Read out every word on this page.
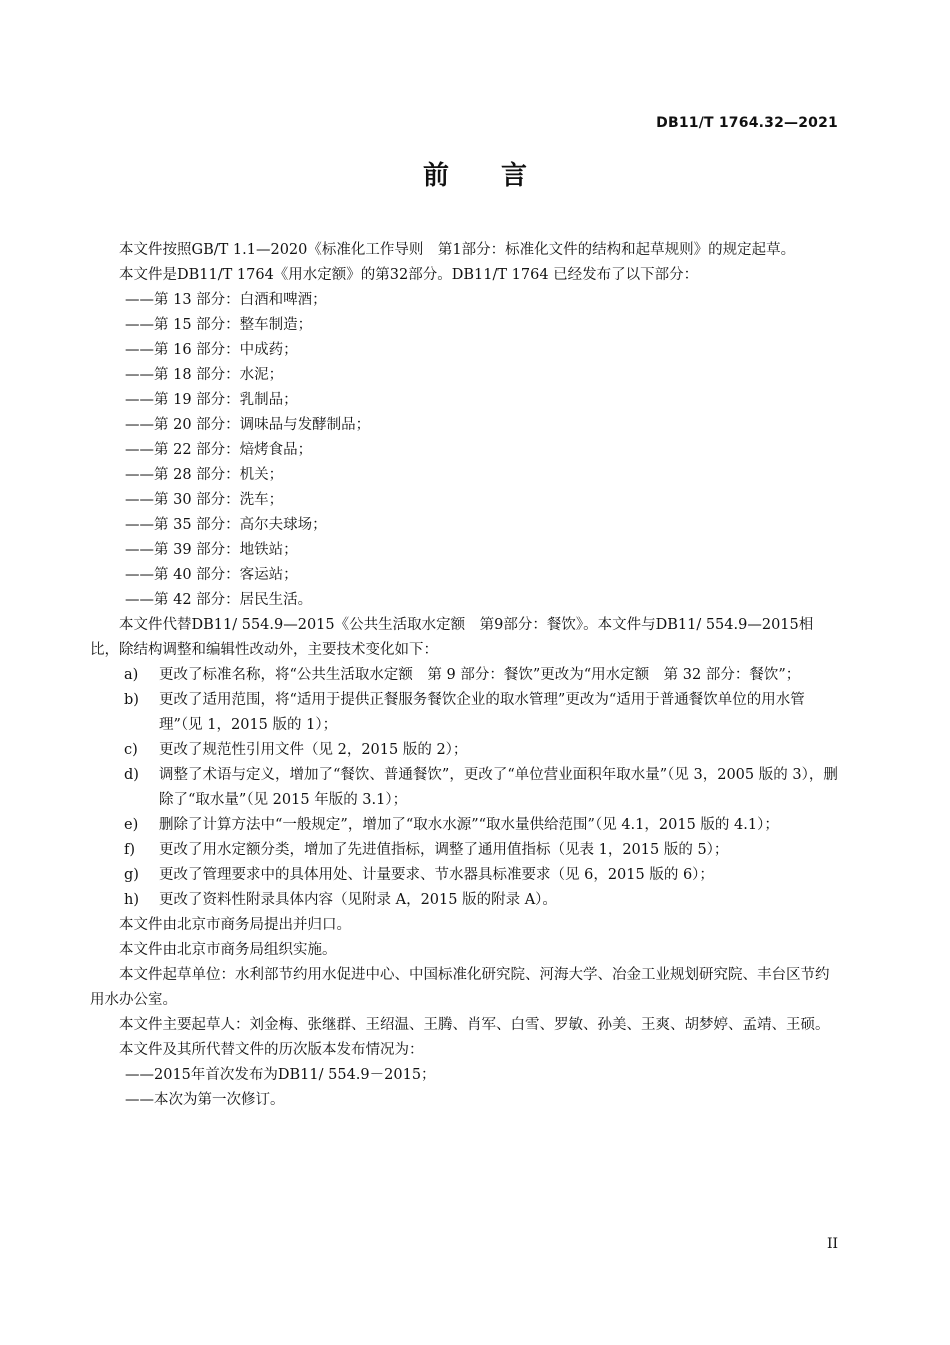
DB11/T 1764.32—2021
前 言

本文件按照GB/T 1.1—2020《标准化工作导则　第1部分：标准化文件的结构和起草规则》的规定起草。

本文件是DB11/T 1764《用水定额》的第32部分。DB11/T 1764 已经发布了以下部分：

——第 13 部分：白酒和啤酒；

——第 15 部分：整车制造；

——第 16 部分：中成药；

——第 18 部分：水泥；

——第 19 部分：乳制品；

——第 20 部分：调味品与发酵制品；

——第 22 部分：焙烤食品；

——第 28 部分：机关；

——第 30 部分：洗车；

——第 35 部分：高尔夫球场；

——第 39 部分：地铁站；

——第 40 部分：客运站；

——第 42 部分：居民生活。

本文件代替DB11/ 554.9—2015《公共生活取水定额　第9部分：餐饮》。本文件与DB11/ 554.9—2015相比，除结构调整和编辑性改动外，主要技术变化如下：

a) 更改了标准名称，将“公共生活取水定额　第 9 部分：餐饮”更改为“用水定额　第 32 部分：餐饮”；

b) 更改了适用范围，将“适用于提供正餐服务餐饮企业的取水管理”更改为“适用于普通餐饮单位的用水管理”（见 1，2015 版的 1）；

c) 更改了规范性引用文件（见 2，2015 版的 2）；

d) 调整了术语与定义，增加了“餐饮、普通餐饮”，更改了“单位营业面积年取水量”（见 3，2005 版的 3），删除了“取水量”（见 2015 年版的 3.1）；

e) 删除了计算方法中“一般规定”，增加了“取水水源”“取水量供给范围”（见 4.1，2015 版的 4.1）；

f) 更改了用水定额分类，增加了先进值指标，调整了通用值指标（见表 1，2015 版的 5）；

g) 更改了管理要求中的具体用处、计量要求、节水器具标准要求（见 6，2015 版的 6）；

h) 更改了资料性附录具体内容（见附录 A，2015 版的附录 A）。

本文件由北京市商务局提出并归口。

本文件由北京市商务局组织实施。

本文件起草单位：水利部节约用水促进中心、中国标准化研究院、河海大学、冶金工业规划研究院、丰台区节约用水办公室。

本文件主要起草人：刘金梅、张继群、王绍温、王腾、肖军、白雪、罗敏、孙美、王爽、胡梦婷、孟靖、王硕。

本文件及其所代替文件的历次版本发布情况为：

——2015年首次发布为DB11/ 554.9－2015；

——本次为第一次修订。

II
